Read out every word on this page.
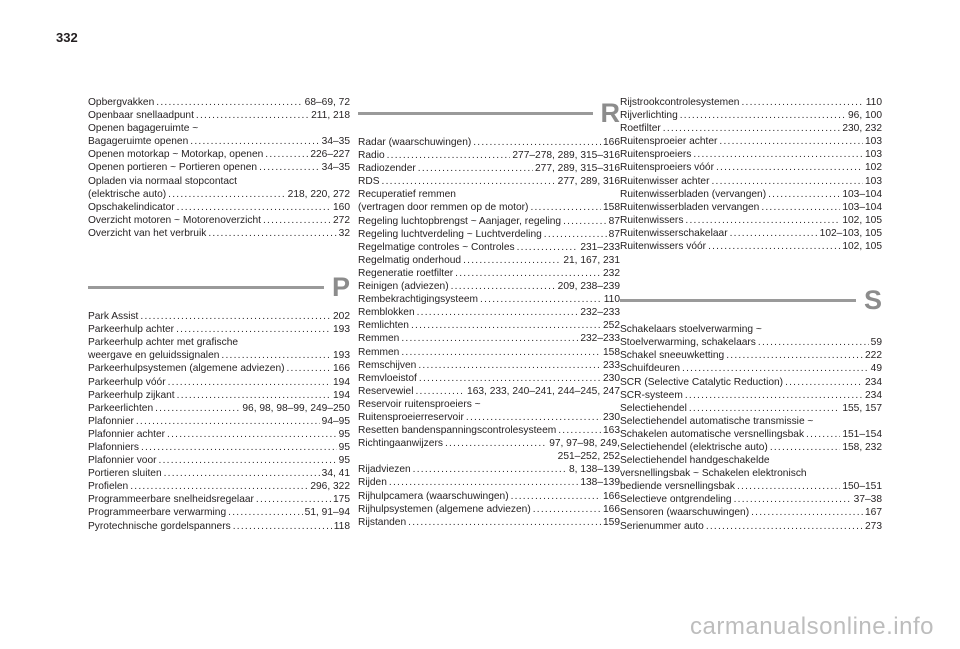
332
Opbergvakken . . .	68–69, 72
Openbaar snellaadpunt . . .	211, 218
Openen bagageruimte ~
Bagageruimte openen . . .	34–35
Openen motorkap ~ Motorkap, openen . . .	226–227
Openen portieren ~ Portieren openen . . .	34–35
Opladen via normaal stopcontact
(elektrische auto) . . .	218, 220, 272
Opschakelindicator . . .	160
Overzicht motoren ~ Motorenoverzicht . . .	272
Overzicht van het verbruik . . .	32
P
Park Assist . . .	202
Parkeerhulp achter . . .	193
Parkeerhulp achter met grafische
weergave en geluidssignalen . . .	193
Parkeerhulpsystemen (algemene adviezen) . . .	166
Parkeerhulp vóór . . .	194
Parkeerhulp zijkant . . .	194
Parkeerlichten . . .	96, 98, 98–99, 249–250
Plafonnier . . .	94–95
Plafonnier achter . . .	95
Plafonniers . . .	95
Plafonnier voor . . .	95
Portieren sluiten . . .	34, 41
Profielen . . .	296, 322
Programmeerbare snelheidsregelaar . . .	175
Programmeerbare verwarming . . .	51, 91–94
Pyrotechnische gordelspanners . . .	118
R
Radar (waarschuwingen) . . .	166
Radio . . .	277–278, 289, 315–316
Radiozender . . .	277, 289, 315–316
RDS . . .	277, 289, 316
Recuperatief remmen
(vertragen door remmen op de motor) . . .	158
Regeling luchtopbrengst ~ Aanjager, regeling . . .	87
Regeling luchtverdeling ~ Luchtverdeling . . .	87
Regelmatige controles ~ Controles . . .	231–233
Regelmatig onderhoud . . .	21, 167, 231
Regeneratie roetfilter . . .	232
Reinigen (adviezen) . . .	209, 238–239
Rembekrachtigingsysteem . . .	110
Remblokken . . .	232–233
Remlichten . . .	252
Remmen . . .	232–233
Remmen . . .	158
Remschijven . . .	233
Remvloeistof . . .	230
Reservewiel . . .	163, 233, 240–241, 244–245, 247
Reservoir ruitensproeiers ~
Ruitensproeierreservoir . . .	230
Resetten bandenspanningscontrolesysteem . . .	163
Richtingaanwijzers . . .	97, 97–98, 249,
251–252, 252
Rijadviezen . . .	8, 138–139
Rijden . . .	138–139
Rijhulpcamera (waarschuwingen) . . .	166
Rijhulpsystemen (algemene adviezen) . . .	166
Rijstanden . . .	159
Rijstrookcontrolesystemen . . .	110
Rijverlichting . . .	96, 100
Roetfilter . . .	230, 232
Ruitensproeier achter . . .	103
Ruitensproeiers . . .	103
Ruitensproeiers vóór . . .	102
Ruitenwisser achter . . .	103
Ruitenwisserbladen (vervangen) . . .	103–104
Ruitenwisserbladen vervangen . . .	103–104
Ruitenwissers . . .	102, 105
Ruitenwisserschakelaar . . .	102–103, 105
Ruitenwissers vóór . . .	102, 105
S
Schakelaars stoelverwarming ~
Stoelverwarming, schakelaars . . .	59
Schakel sneeuwketting . . .	222
Schuifdeuren . . .	49
SCR (Selective Catalytic Reduction) . . .	234
SCR-systeem . . .	234
Selectiehendel . . .	155, 157
Selectiehendel automatische transmissie ~
Schakelen automatische versnellingsbak . . .	151–154
Selectiehendel (elektrische auto) . . .	158, 232
Selectiehendel handgeschakelde
versnellingsbak ~ Schakelen elektronisch
bediende versnellingsbak . . .	150–151
Selectieve ontgrendeling . . .	37–38
Sensoren (waarschuwingen) . . .	167
Serienummer auto . . .	273
carmanualsonline.info
